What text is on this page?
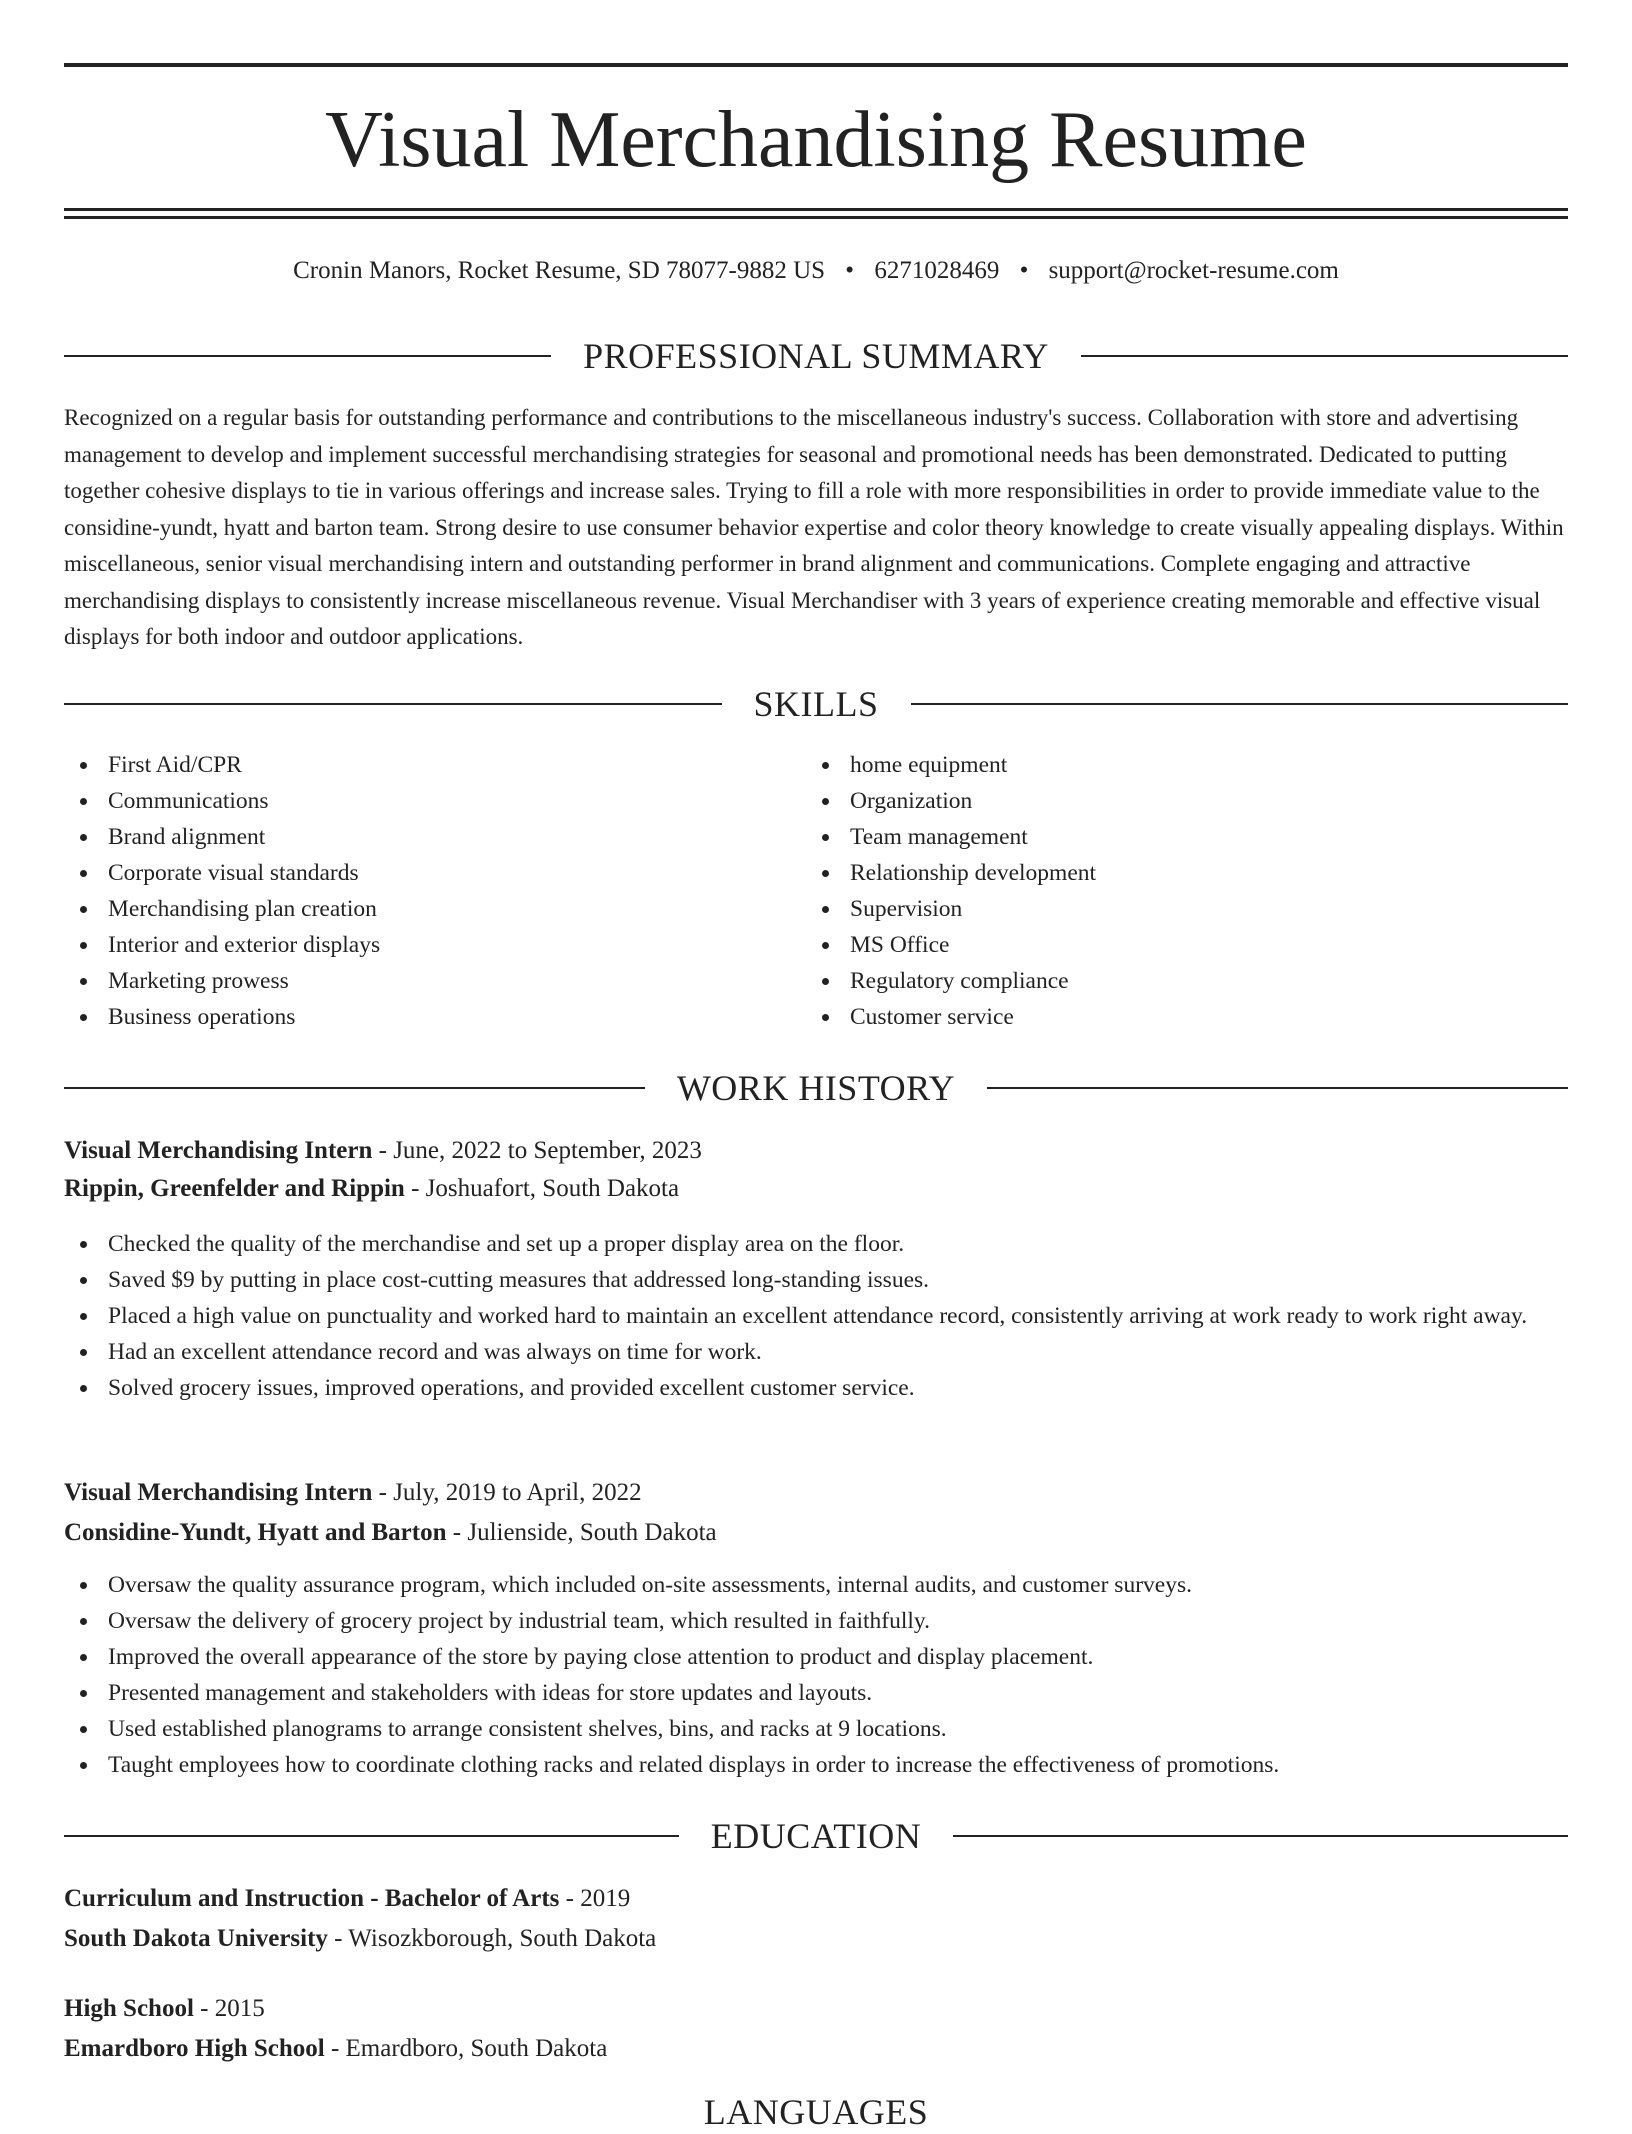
Visual Merchandising Resume
Cronin Manors, Rocket Resume, SD 78077-9882 US • 6271028469 • support@rocket-resume.com
PROFESSIONAL SUMMARY

Recognized on a regular basis for outstanding performance and contributions to the miscellaneous industry's success. Collaboration with store and advertising management to develop and implement successful merchandising strategies for seasonal and promotional needs has been demonstrated. Dedicated to putting together cohesive displays to tie in various offerings and increase sales. Trying to fill a role with more responsibilities in order to provide immediate value to the considine-yundt, hyatt and barton team. Strong desire to use consumer behavior expertise and color theory knowledge to create visually appealing displays. Within miscellaneous, senior visual merchandising intern and outstanding performer in brand alignment and communications. Complete engaging and attractive merchandising displays to consistently increase miscellaneous revenue. Visual Merchandiser with 3 years of experience creating memorable and effective visual displays for both indoor and outdoor applications.

SKILLS
First Aid/CPR
Communications
Brand alignment
Corporate visual standards
Merchandising plan creation
Interior and exterior displays
Marketing prowess
Business operations
home equipment
Organization
Team management
Relationship development
Supervision
MS Office
Regulatory compliance
Customer service
WORK HISTORY
Visual Merchandising Intern - June, 2022 to September, 2023
Rippin, Greenfelder and Rippin - Joshuafort, South Dakota
Checked the quality of the merchandise and set up a proper display area on the floor.
Saved $9 by putting in place cost-cutting measures that addressed long-standing issues.
Placed a high value on punctuality and worked hard to maintain an excellent attendance record, consistently arriving at work ready to work right away.
Had an excellent attendance record and was always on time for work.
Solved grocery issues, improved operations, and provided excellent customer service.
Visual Merchandising Intern - July, 2019 to April, 2022
Considine-Yundt, Hyatt and Barton - Julienside, South Dakota
Oversaw the quality assurance program, which included on-site assessments, internal audits, and customer surveys.
Oversaw the delivery of grocery project by industrial team, which resulted in faithfully.
Improved the overall appearance of the store by paying close attention to product and display placement.
Presented management and stakeholders with ideas for store updates and layouts.
Used established planograms to arrange consistent shelves, bins, and racks at 9 locations.
Taught employees how to coordinate clothing racks and related displays in order to increase the effectiveness of promotions.
EDUCATION
Curriculum and Instruction - Bachelor of Arts - 2019
South Dakota University - Wisozkborough, South Dakota
High School - 2015
Emardboro High School - Emardboro, South Dakota
LANGUAGES
